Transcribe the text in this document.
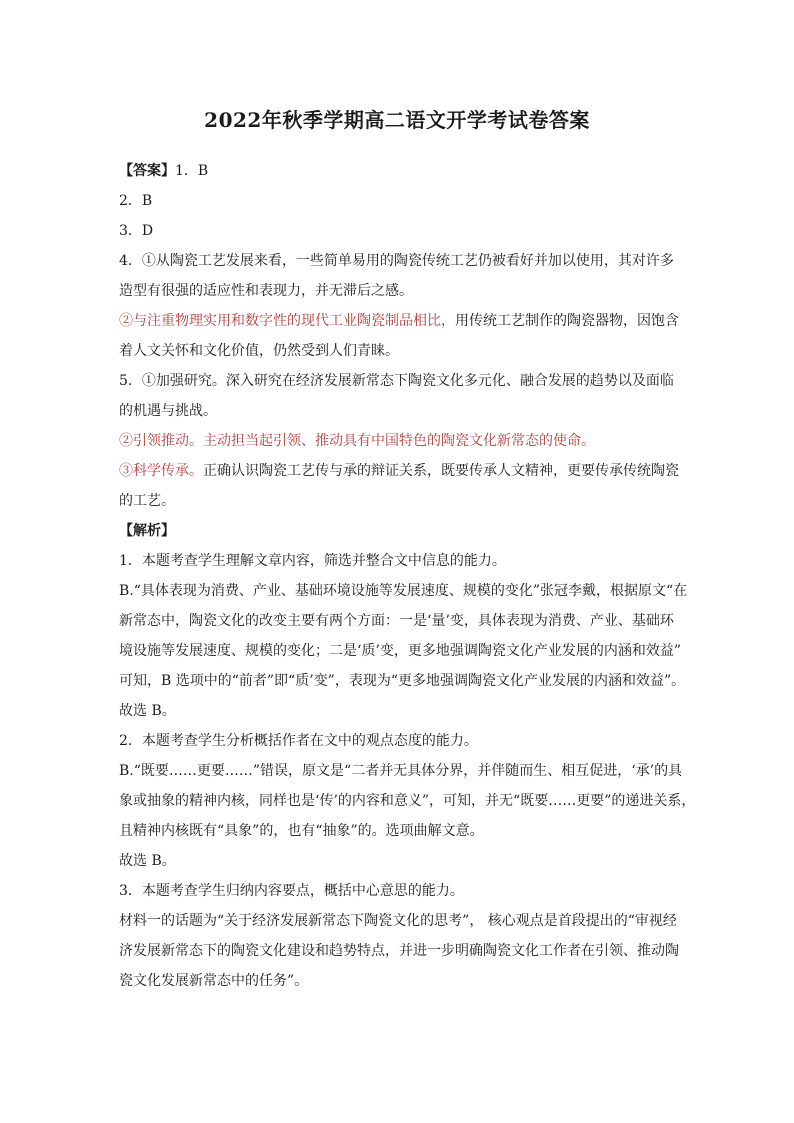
2022年秋季学期高二语文开学考试卷答案
【答案】1．B
2．B
3．D
4．①从陶瓷工艺发展来看，一些简单易用的陶瓷传统工艺仍被看好并加以使用，其对许多
造型有很强的适应性和表现力，并无滞后之感。
②与注重物理实用和数字性的现代工业陶瓷制品相比，用传统工艺制作的陶瓷器物，因饱含
着人文关怀和文化价值，仍然受到人们青睐。
5．①加强研究。深入研究在经济发展新常态下陶瓷文化多元化、融合发展的趋势以及面临
的机遇与挑战。
②引领推动。主动担当起引领、推动具有中国特色的陶瓷文化新常态的使命。
③科学传承。正确认识陶瓷工艺传与承的辩证关系，既要传承人文精神，更要传承传统陶瓷
的工艺。
【解析】
1．本题考查学生理解文章内容，筛选并整合文中信息的能力。
B.“具体表现为消费、产业、基础环境设施等发展速度、规模的变化”张冠李戴，根据原文“在
新常态中，陶瓷文化的改变主要有两个方面：一是‘量’变，具体表现为消费、产业、基础环
境设施等发展速度、规模的变化；二是‘质’变，更多地强调陶瓷文化产业发展的内涵和效益”
可知，B 选项中的“前者”即“质’变”，表现为“更多地强调陶瓷文化产业发展的内涵和效益”。
故选 B。
2．本题考查学生分析概括作者在文中的观点态度的能力。
B.“既要……更要……”错误，原文是“二者并无具体分界，并伴随而生、相互促进，‘承’的具
象或抽象的精神内核，同样也是‘传’的内容和意义”，可知，并无“既要……更要”的递进关系，
且精神内核既有“具象”的，也有“抽象”的。选项曲解文意。
故选 B。
3．本题考查学生归纳内容要点，概括中心意思的能力。
材料一的话题为“关于经济发展新常态下陶瓷文化的思考”， 核心观点是首段提出的“审视经
济发展新常态下的陶瓷文化建设和趋势特点，并进一步明确陶瓷文化工作者在引领、推动陶
瓷文化发展新常态中的任务”。
